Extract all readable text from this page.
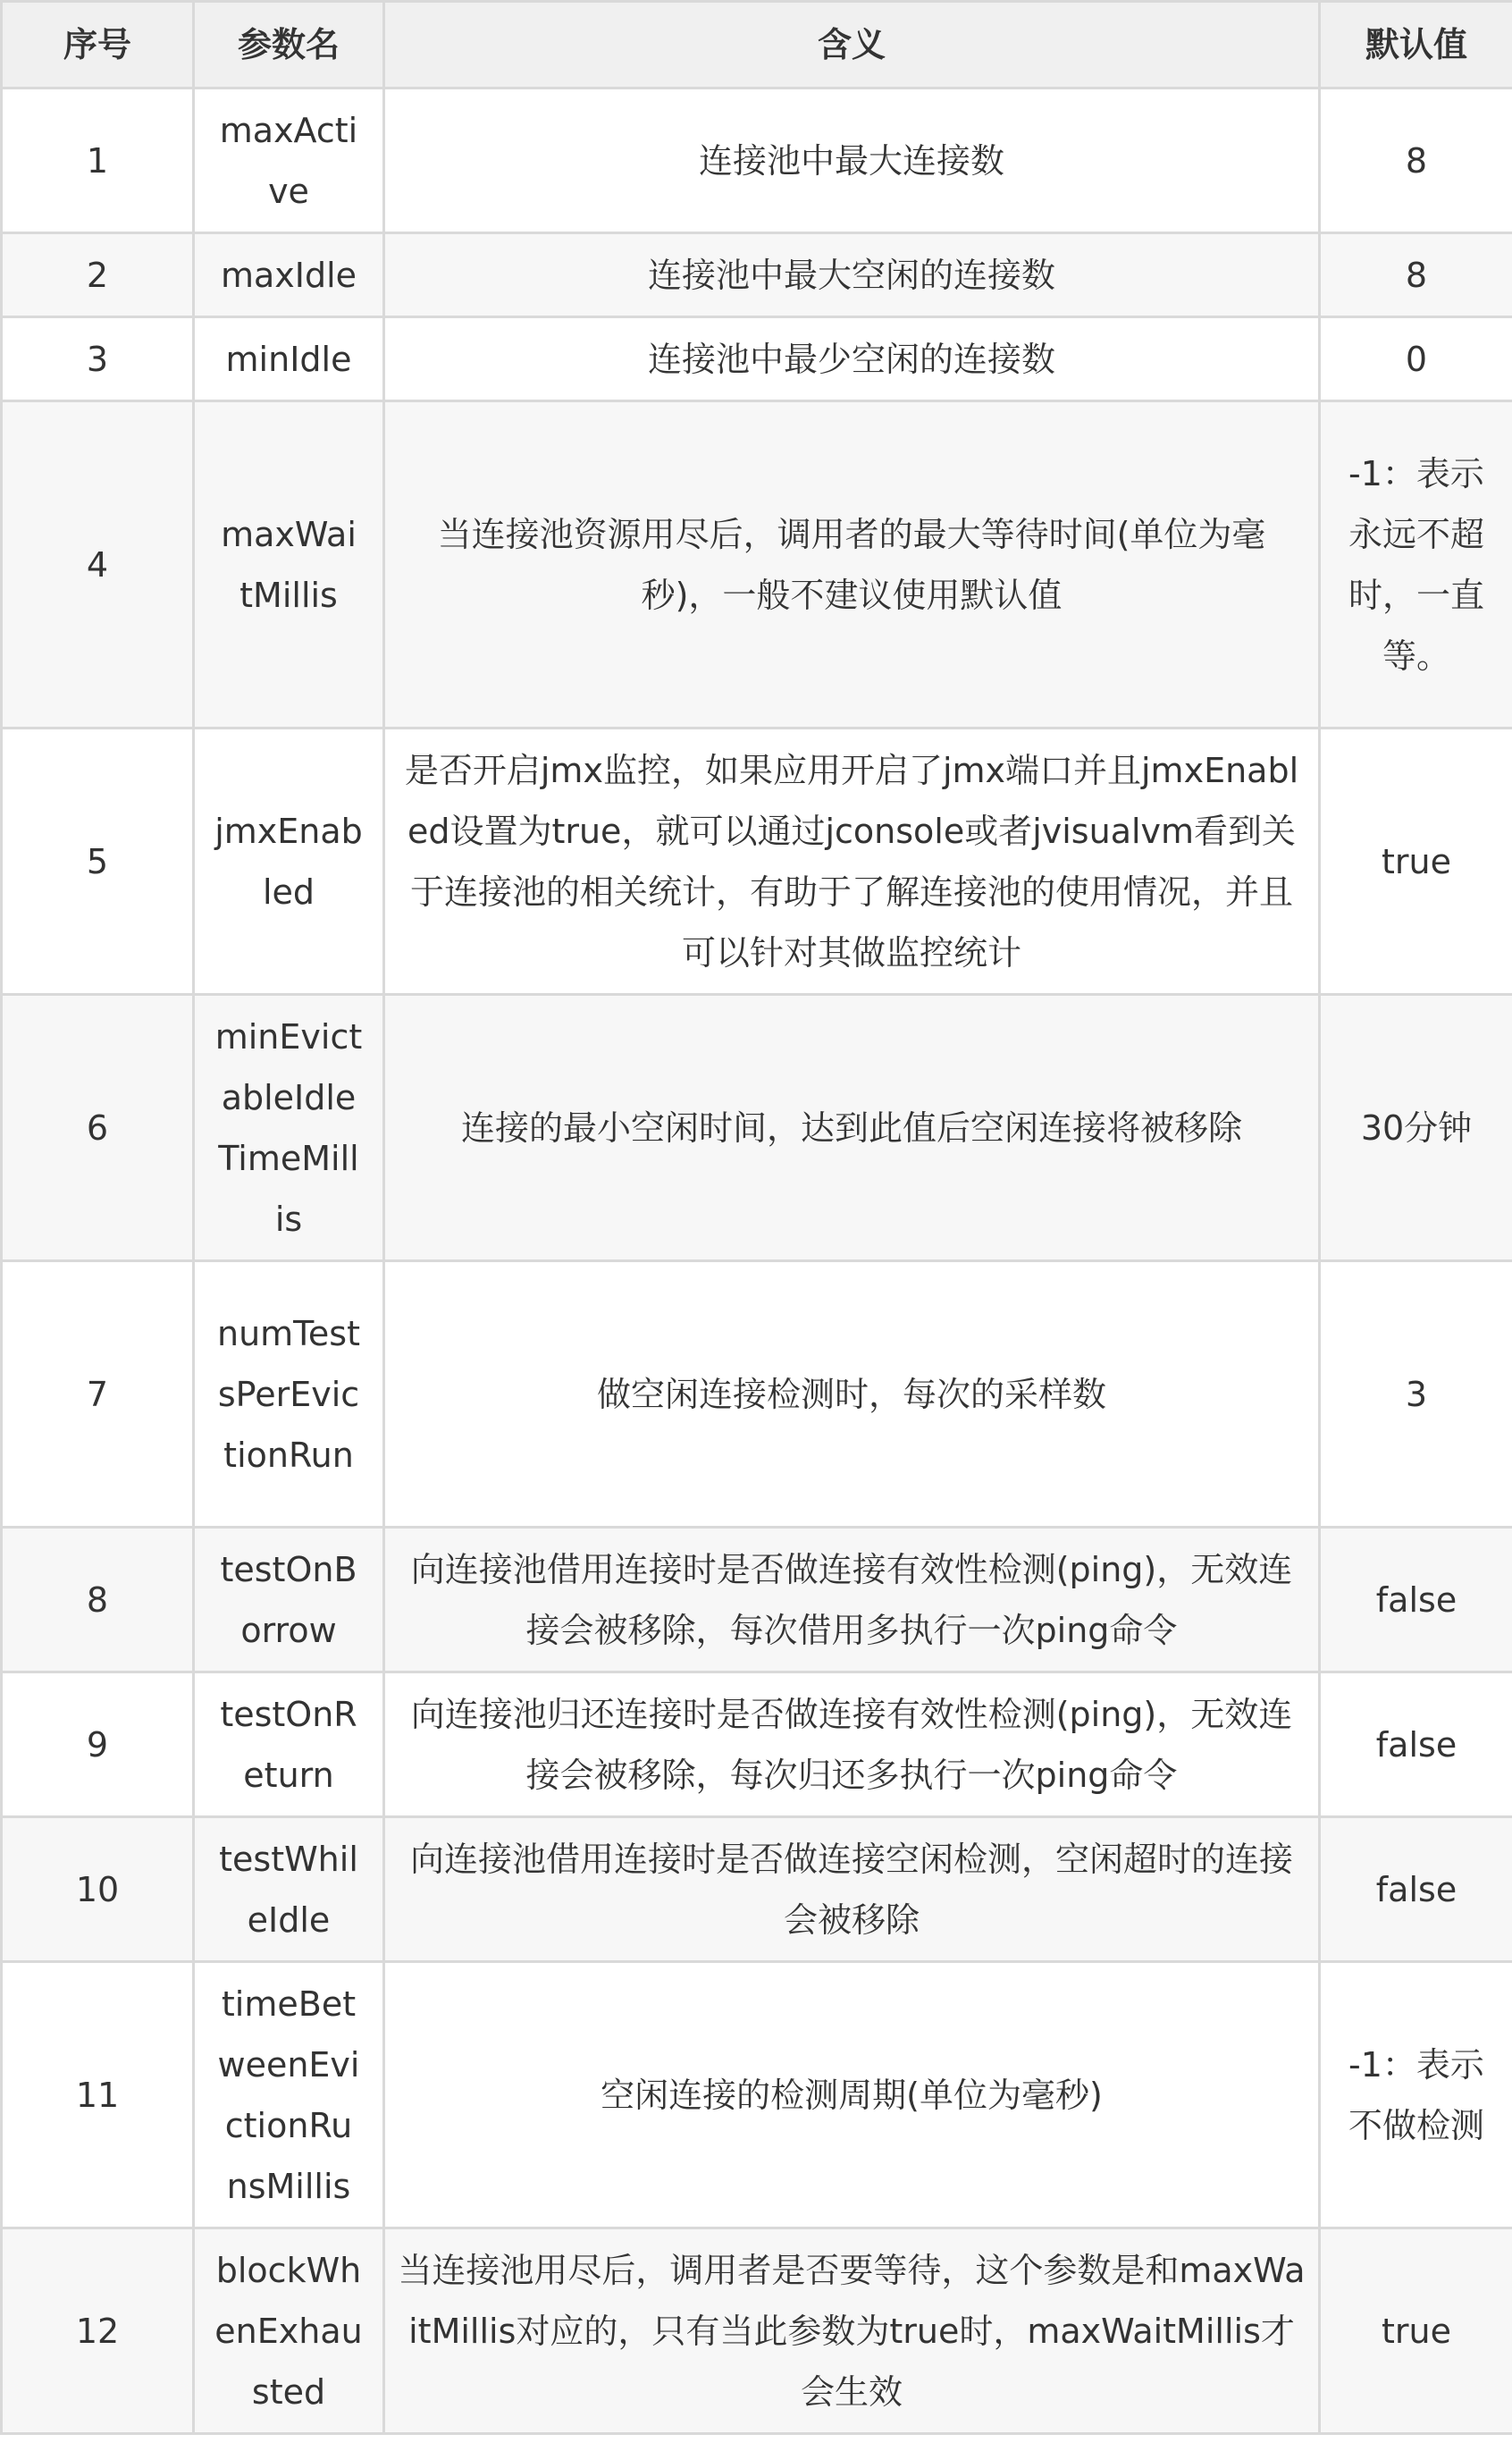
序号	参数名	含义	默认值
1	maxActive	连接池中最大连接数	8
2	maxIdle	连接池中最大空闲的连接数	8
3	minIdle	连接池中最少空闲的连接数	0
4	maxWaitMillis	当连接池资源用尽后，调用者的最大等待时间(单位为毫秒)，一般不建议使用默认值	-1：表示永远不超时，一直等。
5	jmxEnabled	是否开启jmx监控，如果应用开启了jmx端口并且jmxEnabled设置为true，就可以通过jconsole或者jvisualvm看到关于连接池的相关统计，有助于了解连接池的使用情况，并且可以针对其做监控统计	true
6	minEvictableIdleTimeMillis	连接的最小空闲时间，达到此值后空闲连接将被移除	30分钟
7	numTestsPerEvictionRun	做空闲连接检测时，每次的采样数	3
8	testOnBorrow	向连接池借用连接时是否做连接有效性检测(ping)，无效连接会被移除，每次借用多执行一次ping命令	false
9	testOnReturn	向连接池归还连接时是否做连接有效性检测(ping)，无效连接会被移除，每次归还多执行一次ping命令	false
10	testWhileIdle	向连接池借用连接时是否做连接空闲检测，空闲超时的连接会被移除	false
11	timeBetweenEvictionRunsMillis	空闲连接的检测周期(单位为毫秒)	-1：表示不做检测
12	blockWhenExhausted	当连接池用尽后，调用者是否要等待，这个参数是和maxWaitMillis对应的，只有当此参数为true时，maxWaitMillis才会生效	true
